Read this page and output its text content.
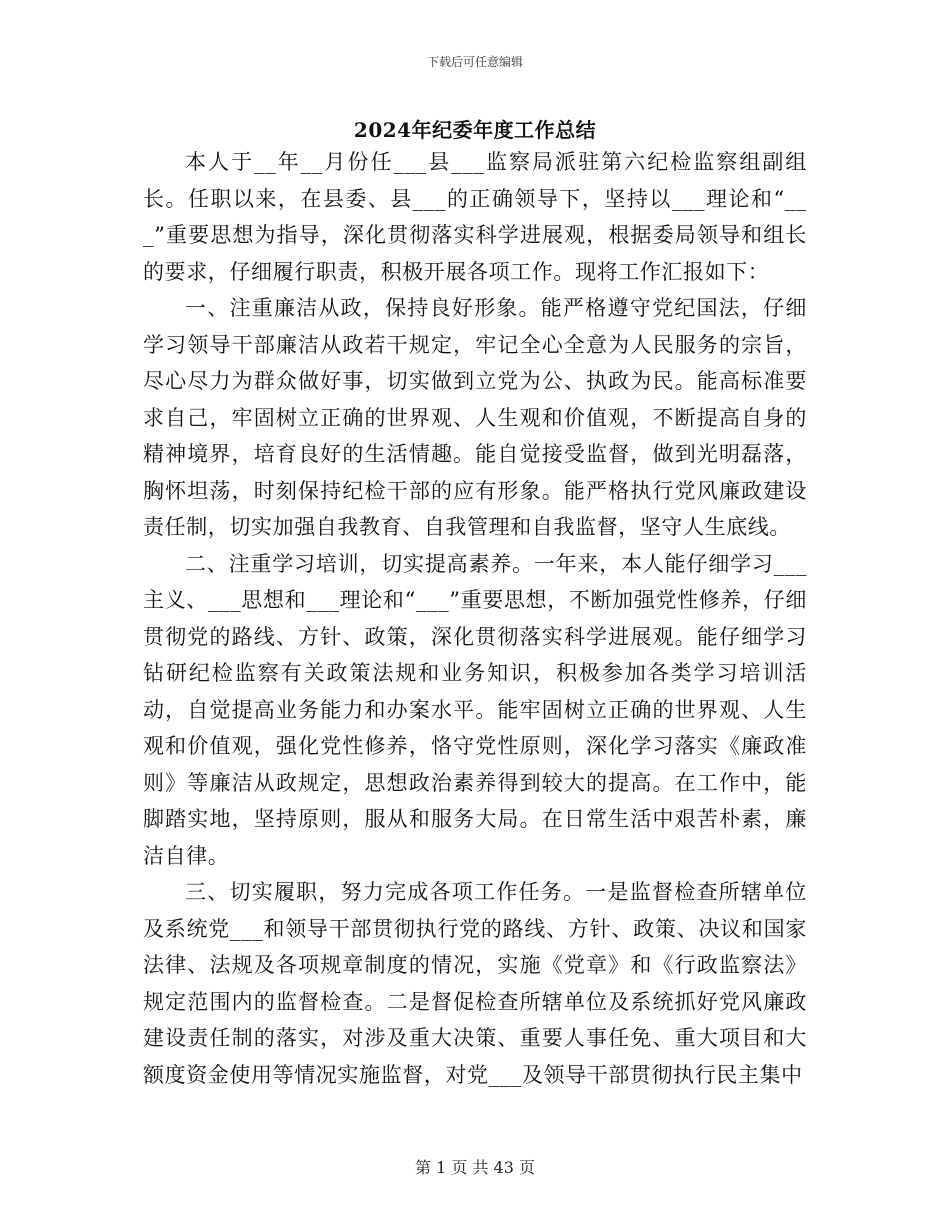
下载后可任意编辑
2024年纪委年度工作总结

本人于__年__月份任___县___监察局派驻第六纪检监察组副组长。任职以来，在县委、县___的正确领导下，坚持以___理论和“___”重要思想为指导，深化贯彻落实科学进展观，根据委局领导和组长的要求，仔细履行职责，积极开展各项工作。现将工作汇报如下：

一、注重廉洁从政，保持良好形象。能严格遵守党纪国法，仔细学习领导干部廉洁从政若干规定，牢记全心全意为人民服务的宗旨，尽心尽力为群众做好事，切实做到立党为公、执政为民。能高标准要求自己，牢固树立正确的世界观、人生观和价值观，不断提高自身的精神境界，培育良好的生活情趣。能自觉接受监督，做到光明磊落，胸怀坦荡，时刻保持纪检干部的应有形象。能严格执行党风廉政建设责任制，切实加强自我教育、自我管理和自我监督，坚守人生底线。

二、注重学习培训，切实提高素养。一年来，本人能仔细学习___主义、___思想和___理论和“___”重要思想，不断加强党性修养，仔细贯彻党的路线、方针、政策，深化贯彻落实科学进展观。能仔细学习钻研纪检监察有关政策法规和业务知识，积极参加各类学习培训活动，自觉提高业务能力和办案水平。能牢固树立正确的世界观、人生观和价值观，强化党性修养，恪守党性原则，深化学习落实《廉政准则》等廉洁从政规定，思想政治素养得到较大的提高。在工作中，能脚踏实地，坚持原则，服从和服务大局。在日常生活中艰苦朴素，廉洁自律。

三、切实履职，努力完成各项工作任务。一是监督检查所辖单位及系统党___和领导干部贯彻执行党的路线、方针、政策、决议和国家法律、法规及各项规章制度的情况，实施《党章》和《行政监察法》规定范围内的监督检查。二是督促检查所辖单位及系统抓好党风廉政建设责任制的落实，对涉及重大决策、重要人事任免、重大项目和大额度资金使用等情况实施监督，对党___及领导干部贯彻执行民主集中

第 1 页 共 43 页
